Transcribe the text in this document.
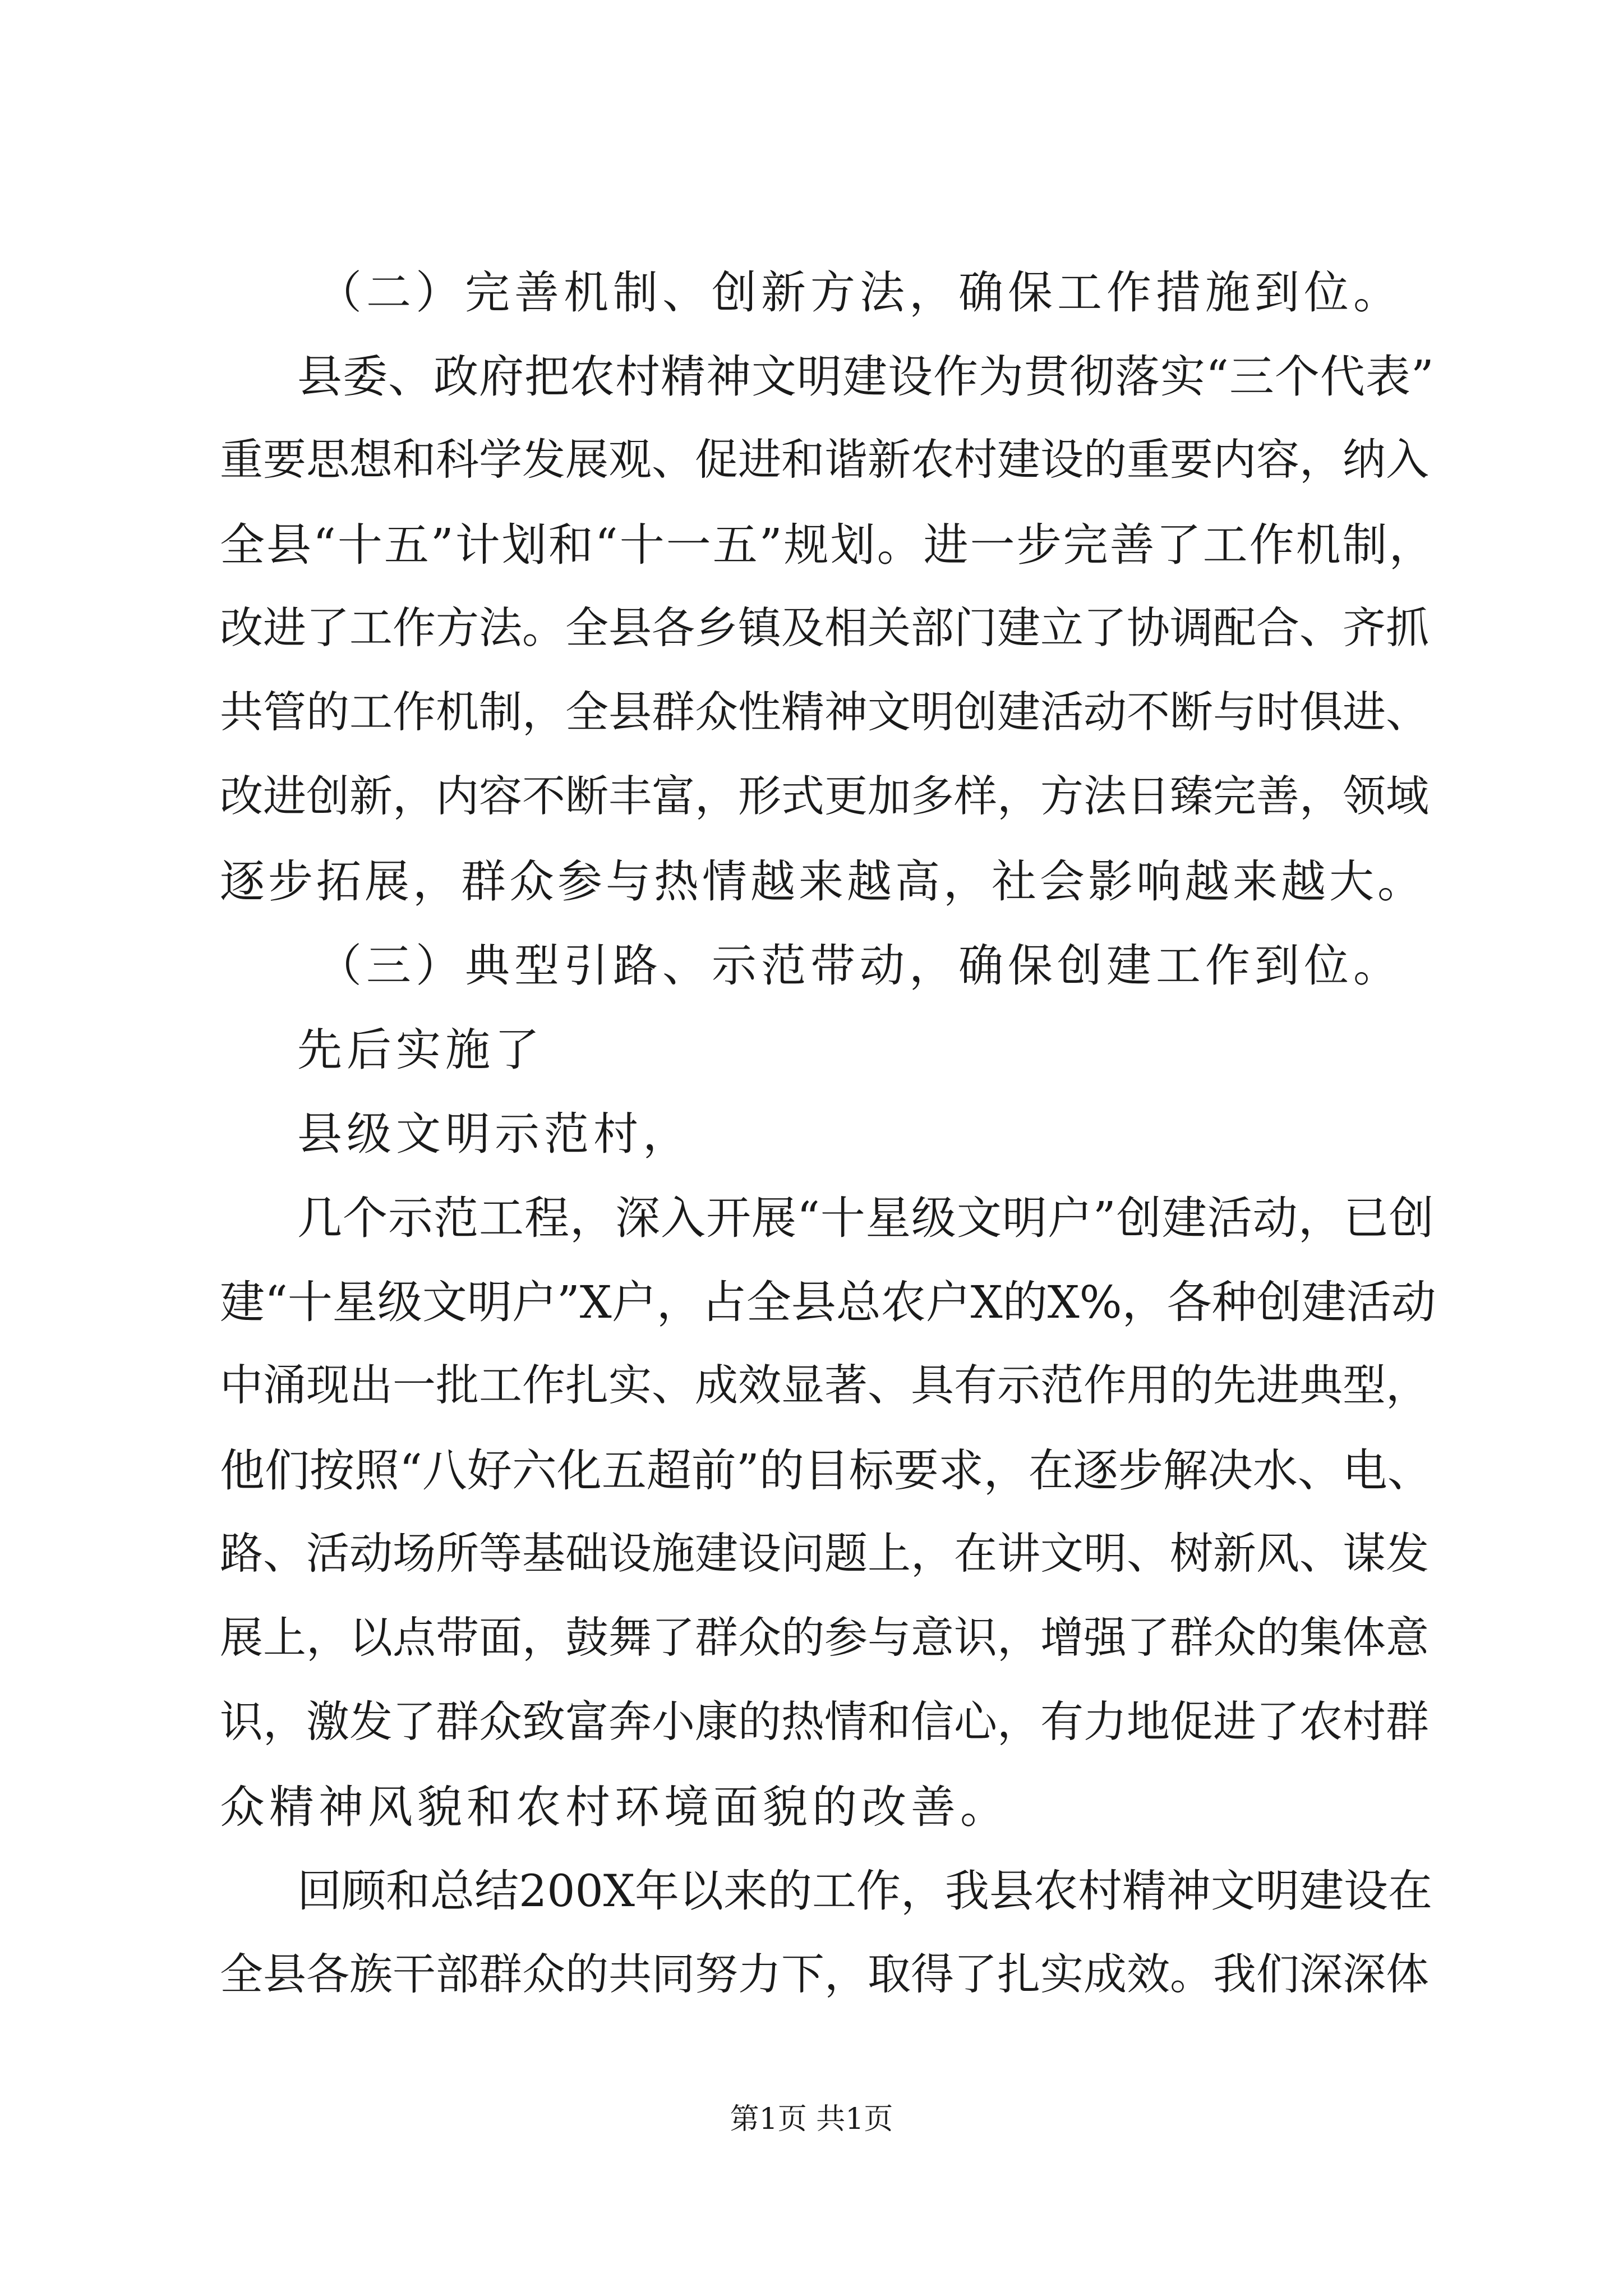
（二）完善机制、创新方法，确保工作措施到位。

县委、政府把农村精神文明建设作为贯彻落实“三个代表”

重要思想和科学发展观、促进和谐新农村建设的重要内容，纳入

全县“十五”计划和“十一五”规划。进一步完善了工作机制，

改进了工作方法。全县各乡镇及相关部门建立了协调配合、齐抓

共管的工作机制，全县群众性精神文明创建活动不断与时俱进、

改进创新，内容不断丰富，形式更加多样，方法日臻完善，领域

逐步拓展，群众参与热情越来越高，社会影响越来越大。

（三）典型引路、示范带动，确保创建工作到位。

先后实施了

县级文明示范村，

几个示范工程，深入开展“十星级文明户”创建活动，已创

建“十星级文明户”X户，占全县总农户X的X%，各种创建活动

中涌现出一批工作扎实、成效显著、具有示范作用的先进典型，

他们按照“八好六化五超前”的目标要求，在逐步解决水、电、

路、活动场所等基础设施建设问题上，在讲文明、树新风、谋发

展上，以点带面，鼓舞了群众的参与意识，增强了群众的集体意

识，激发了群众致富奔小康的热情和信心，有力地促进了农村群

众精神风貌和农村环境面貌的改善。

回顾和总结200X年以来的工作，我县农村精神文明建设在

全县各族干部群众的共同努力下，取得了扎实成效。我们深深体

第1页 共1页
